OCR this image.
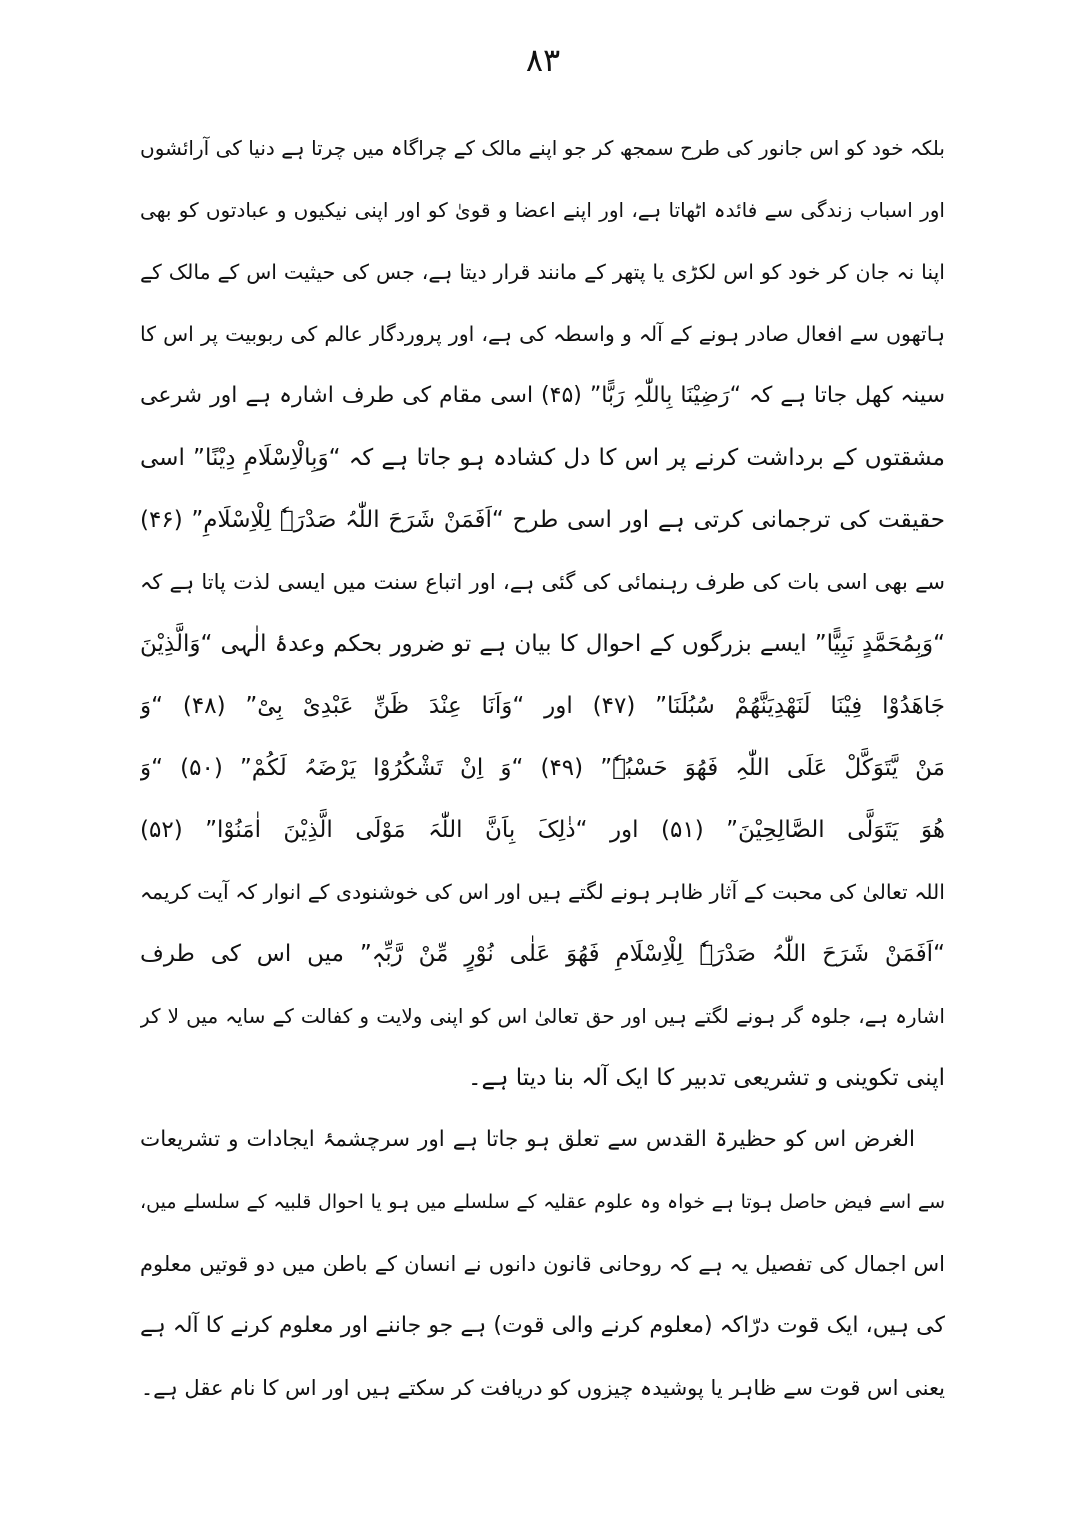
۸۳
بلکہ خود کو اس جانور کی طرح سمجھ کر جو اپنے مالک کے چراگاہ میں چرتا ہے دنیا کی آرائشوں
اور اسباب زندگی سے فائدہ اٹھاتا ہے، اور اپنے اعضا و قویٰ کو اور اپنی نیکیوں و عبادتوں کو بھی
اپنا نہ جان کر خود کو اس لکڑی یا پتھر کے مانند قرار دیتا ہے، جس کی حیثیت اس کے مالک کے
ہاتھوں سے افعال صادر ہونے کے آلہ و واسطہ کی ہے، اور پروردگار عالم کی ربوبیت پر اس کا
سینہ کھل جاتا ہے کہ “رَضِیْنَا بِاللّٰہِ رَبًّا” (۴۵) اسی مقام کی طرف اشارہ ہے اور شرعی
مشقتوں کے برداشت کرنے پر اس کا دل کشادہ ہو جاتا ہے کہ “وَبِالْاِسْلَامِ دِیْنًا” اسی
حقیقت کی ترجمانی کرتی ہے اور اسی طرح “اَفَمَنْ شَرَحَ اللّٰہُ صَدْرَہٗ لِلْاِسْلَامِ” (۴۶)
سے بھی اسی بات کی طرف رہنمائی کی گئی ہے، اور اتباع سنت میں ایسی لذت پاتا ہے کہ
“وَبِمُحَمَّدٍ نَبِیًّا” ایسے بزرگوں کے احوال کا بیان ہے تو ضرور بحکم وعدۂ الٰہی “وَالَّذِیْنَ
جَاھَدُوْا فِیْنَا لَنَھْدِیَنَّھُمْ سُبُلَنَا” (۴۷) اور “وَاَنَا عِنْدَ ظَنِّ عَبْدِیْ بِیْ” (۴۸) “وَ
مَنْ یَّتَوَکَّلْ عَلَی اللّٰہِ فَھُوَ حَسْبُہٗ” (۴۹) “وَ اِنْ تَشْکُرُوْا یَرْضَہُ لَکُمْ” (۵۰) “وَ
ھُوَ یَتَوَلَّی الصَّالِحِیْنَ” (۵۱) اور “ذٰلِکَ بِاَنَّ اللّٰہَ مَوْلَی الَّذِیْنَ اٰمَنُوْا” (۵۲)
اللہ تعالیٰ کی محبت کے آثار ظاہر ہونے لگتے ہیں اور اس کی خوشنودی کے انوار کہ آیت کریمہ
“اَفَمَنْ شَرَحَ اللّٰہُ صَدْرَہٗ لِلْاِسْلَامِ فَھُوَ عَلٰی نُوْرٍ مِّنْ رَّبِّہٖ” میں اس کی طرف
اشارہ ہے، جلوہ گر ہونے لگتے ہیں اور حق تعالیٰ اس کو اپنی ولایت و کفالت کے سایہ میں لا کر
اپنی تکوینی و تشریعی تدبیر کا ایک آلہ بنا دیتا ہے۔
الغرض اس کو حظیرۃ القدس سے تعلق ہو جاتا ہے اور سرچشمۂ ایجادات و تشریعات
سے اسے فیض حاصل ہوتا ہے خواہ وہ علوم عقلیہ کے سلسلے میں ہو یا احوال قلبیہ کے سلسلے میں،
اس اجمال کی تفصیل یہ ہے کہ روحانی قانون دانوں نے انسان کے باطن میں دو قوتیں معلوم
کی ہیں، ایک قوت درّاکہ (معلوم کرنے والی قوت) ہے جو جاننے اور معلوم کرنے کا آلہ ہے
یعنی اس قوت سے ظاہر یا پوشیدہ چیزوں کو دریافت کر سکتے ہیں اور اس کا نام عقل ہے۔
